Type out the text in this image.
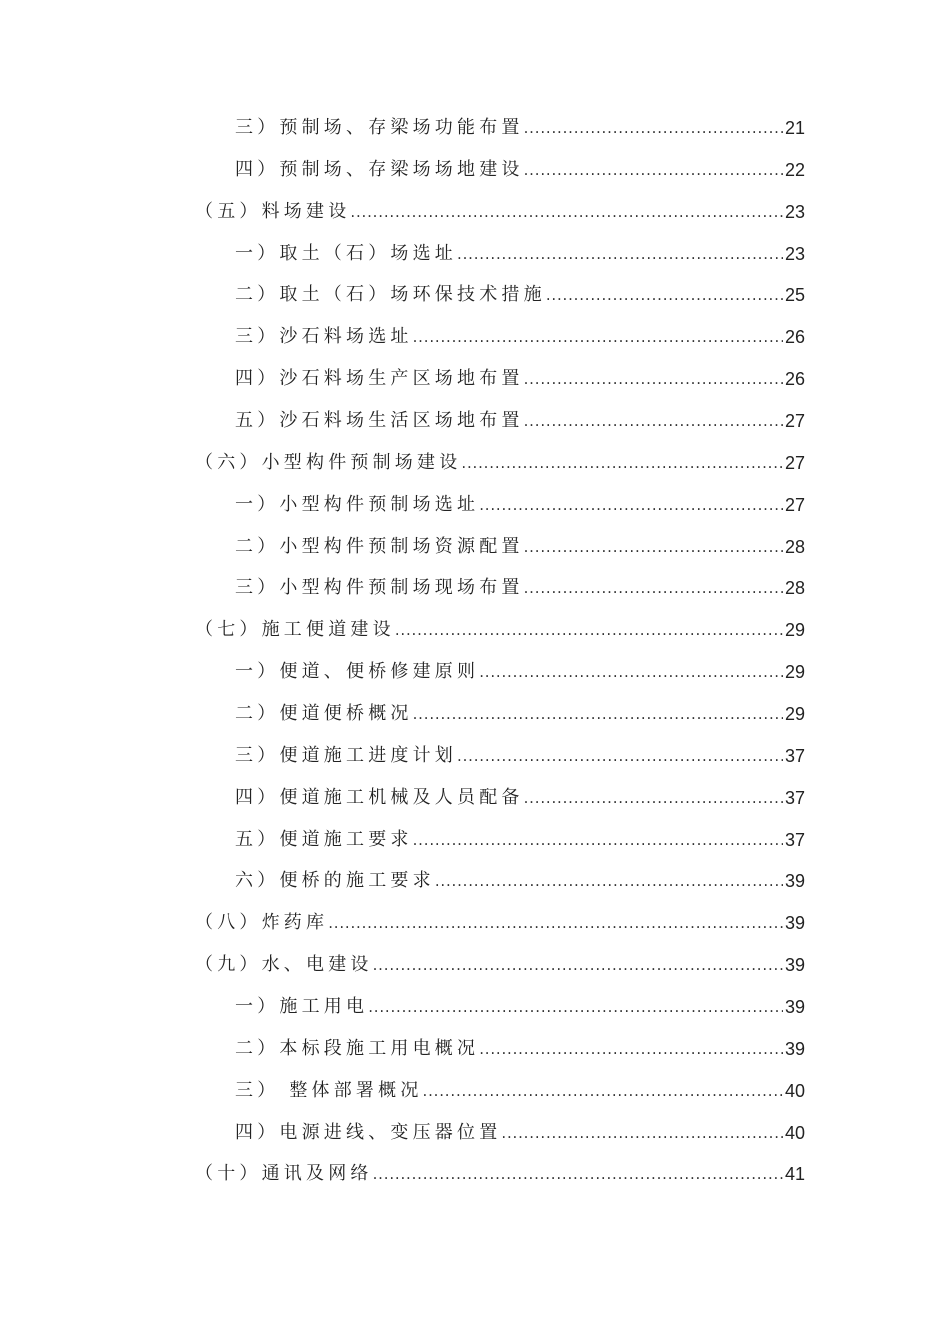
三）预制场、存梁场功能布置 .....	21
四）预制场、存梁场场地建设 .....	22
（五）料场建设 .....	23
一）取土（石）场选址 .....	23
二）取土（石）场环保技术措施 .....	25
三）沙石料场选址 .....	26
四）沙石料场生产区场地布置 .....	26
五）沙石料场生活区场地布置 .....	27
（六）小型构件预制场建设 .....	27
一）小型构件预制场选址 .....	27
二）小型构件预制场资源配置 .....	28
三）小型构件预制场现场布置 .....	28
（七）施工便道建设 .....	29
一）便道、便桥修建原则 .....	29
二）便道便桥概况 .....	29
三）便道施工进度计划 .....	37
四）便道施工机械及人员配备 .....	37
五）便道施工要求 .....	37
六）便桥的施工要求 .....	39
（八）炸药库 .....	39
（九）水、电建设 .....	39
一）施工用电 .....	39
二）本标段施工用电概况 .....	39
三） 整体部署概况 .....	40
四）电源进线、变压器位置 .....	40
（十）通讯及网络 .....	41
